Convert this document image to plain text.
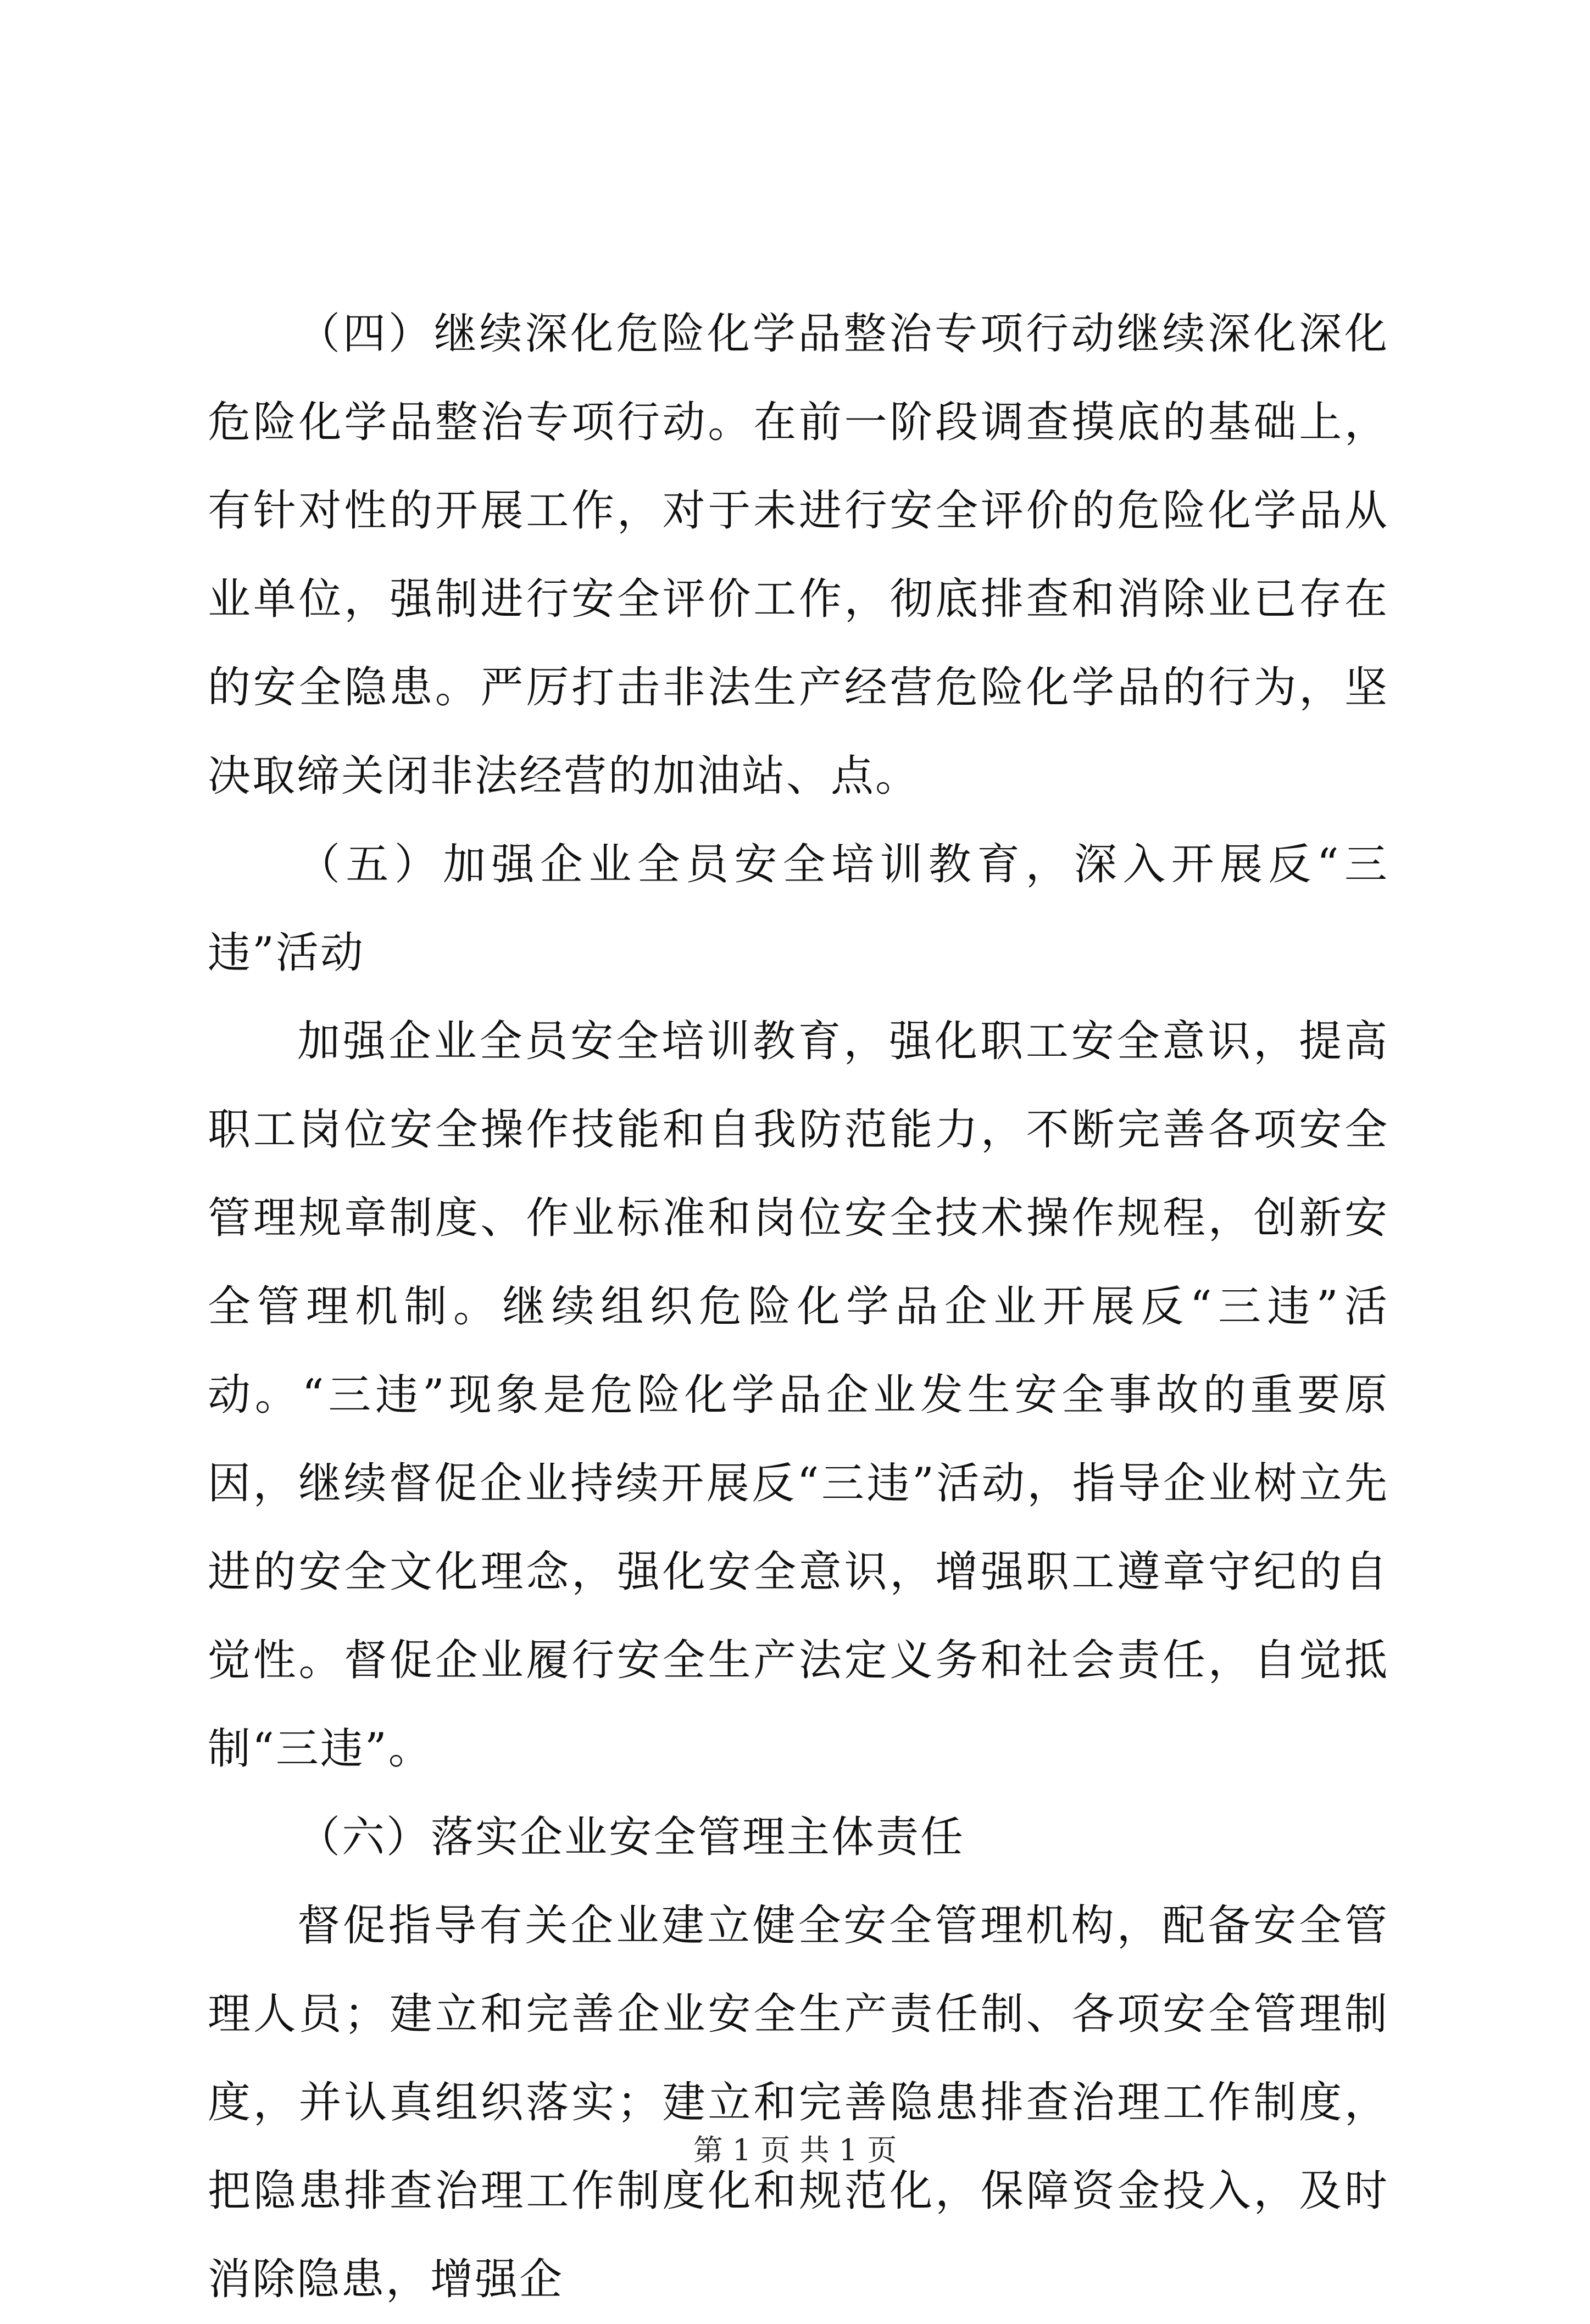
（四）继续深化危险化学品整治专项行动继续深化深化危险化学品整治专项行动。在前一阶段调查摸底的基础上，有针对性的开展工作，对于未进行安全评价的危险化学品从业单位，强制进行安全评价工作，彻底排查和消除业已存在的安全隐患。严厉打击非法生产经营危险化学品的行为，坚决取缔关闭非法经营的加油站、点。

（五）加强企业全员安全培训教育，深入开展反“三违”活动

加强企业全员安全培训教育，强化职工安全意识，提高职工岗位安全操作技能和自我防范能力，不断完善各项安全管理规章制度、作业标准和岗位安全技术操作规程，创新安全管理机制。继续组织危险化学品企业开展反“三违”活动。“三违”现象是危险化学品企业发生安全事故的重要原因，继续督促企业持续开展反“三违”活动，指导企业树立先进的安全文化理念，强化安全意识，增强职工遵章守纪的自觉性。督促企业履行安全生产法定义务和社会责任，自觉抵制“三违”。

（六）落实企业安全管理主体责任

督促指导有关企业建立健全安全管理机构，配备安全管理人员；建立和完善企业安全生产责任制、各项安全管理制度，并认真组织落实；建立和完善隐患排查治理工作制度，把隐患排查治理工作制度化和规范化，保障资金投入，及时消除隐患，增强企

第 1 页 共 1 页
